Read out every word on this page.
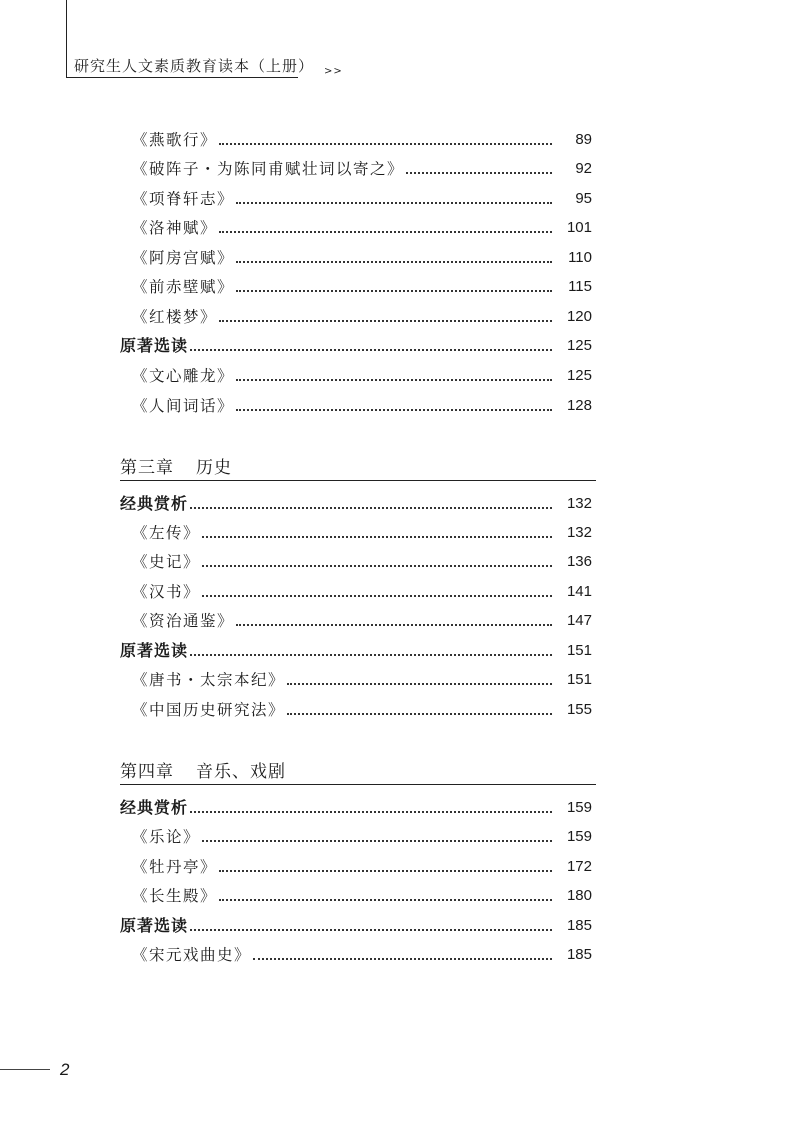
研究生人文素质教育读本（上册） $_{>>}$
《燕歌行》	89
《破阵子・为陈同甫赋壮词以寄之》	92
《项脊轩志》	95
《洛神赋》	101
《阿房宫赋》	110
《前赤壁赋》	115
《红楼梦》	120
原著选读	125
《文心雕龙》	125
《人间词话》	128
第三章 历史
经典赏析	132
《左传》	132
《史记》	136
《汉书》	141
《资治通鉴》	147
原著选读	151
《唐书・太宗本纪》	151
《中国历史研究法》	155
第四章 音乐、戏剧
经典赏析	159
《乐论》	159
《牡丹亭》	172
《长生殿》	180
原著选读	185
《宋元戏曲史》	185
2
